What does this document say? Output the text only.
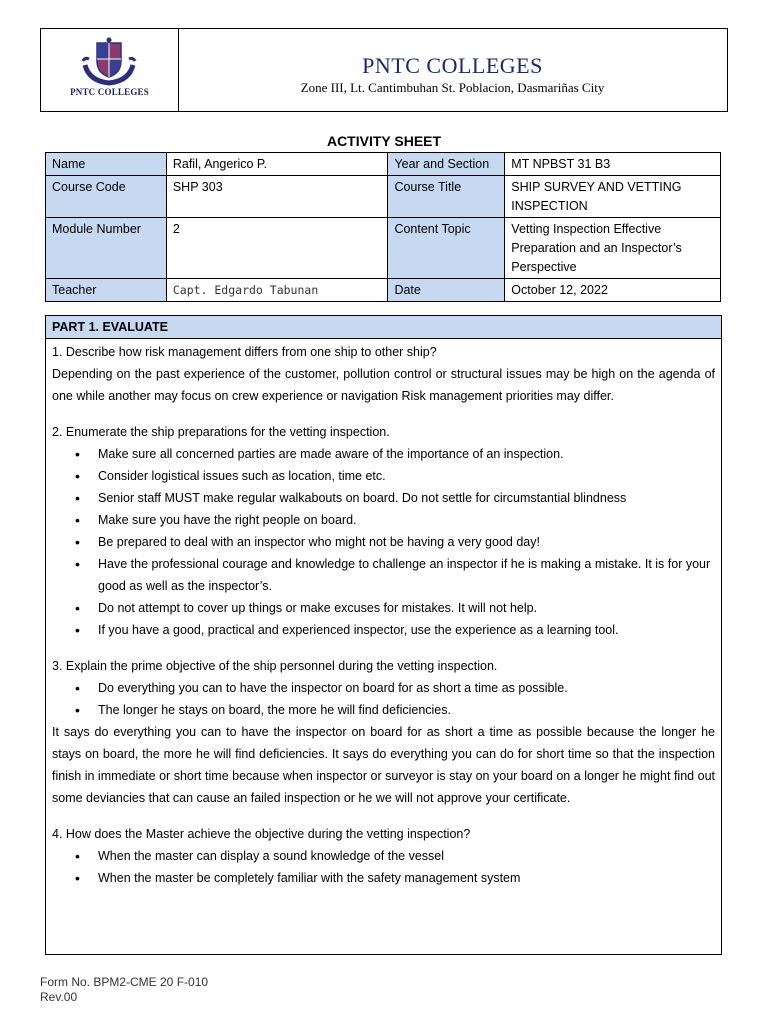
PNTC COLLEGES
PNTC COLLEGES
Zone III, Lt. Cantimbuhan St. Poblacion, Dasmariñas City
ACTIVITY SHEET
Name	Rafil, Angerico P.	Year and Section	MT NPBST 31 B3
Course Code	SHP 303	Course Title	SHIP SURVEY AND VETTING INSPECTION
Module Number	2	Content Topic	Vetting Inspection Effective Preparation and an Inspector’s Perspective
Teacher	Capt. Edgardo Tabunan	Date	October 12, 2022
PART 1. EVALUATE

1. Describe how risk management differs from one ship to other ship?

Depending on the past experience of the customer, pollution control or structural issues may be high on the agenda of one while another may focus on crew experience or navigation Risk management priorities may differ.

2. Enumerate the ship preparations for the vetting inspection.

• Make sure all concerned parties are made aware of the importance of an inspection.
• Consider logistical issues such as location, time etc.
• Senior staff MUST make regular walkabouts on board. Do not settle for circumstantial blindness
• Make sure you have the right people on board.
• Be prepared to deal with an inspector who might not be having a very good day!
• Have the professional courage and knowledge to challenge an inspector if he is making a mistake. It is for your good as well as the inspector’s.
• Do not attempt to cover up things or make excuses for mistakes. It will not help.
• If you have a good, practical and experienced inspector, use the experience as a learning tool.

3. Explain the prime objective of the ship personnel during the vetting inspection.

• Do everything you can to have the inspector on board for as short a time as possible.
• The longer he stays on board, the more he will find deficiencies.

It says do everything you can to have the inspector on board for as short a time as possible because the longer he stays on board, the more he will find deficiencies. It says do everything you can do for short time so that the inspection finish in immediate or short time because when inspector or surveyor is stay on your board on a longer he might find out some deviancies that can cause an failed inspection or he we will not approve your certificate.

4. How does the Master achieve the objective during the vetting inspection?

• When the master can display a sound knowledge of the vessel
• When the master be completely familiar with the safety management system
Form No. BPM2-CME 20 F-010
Rev.00
